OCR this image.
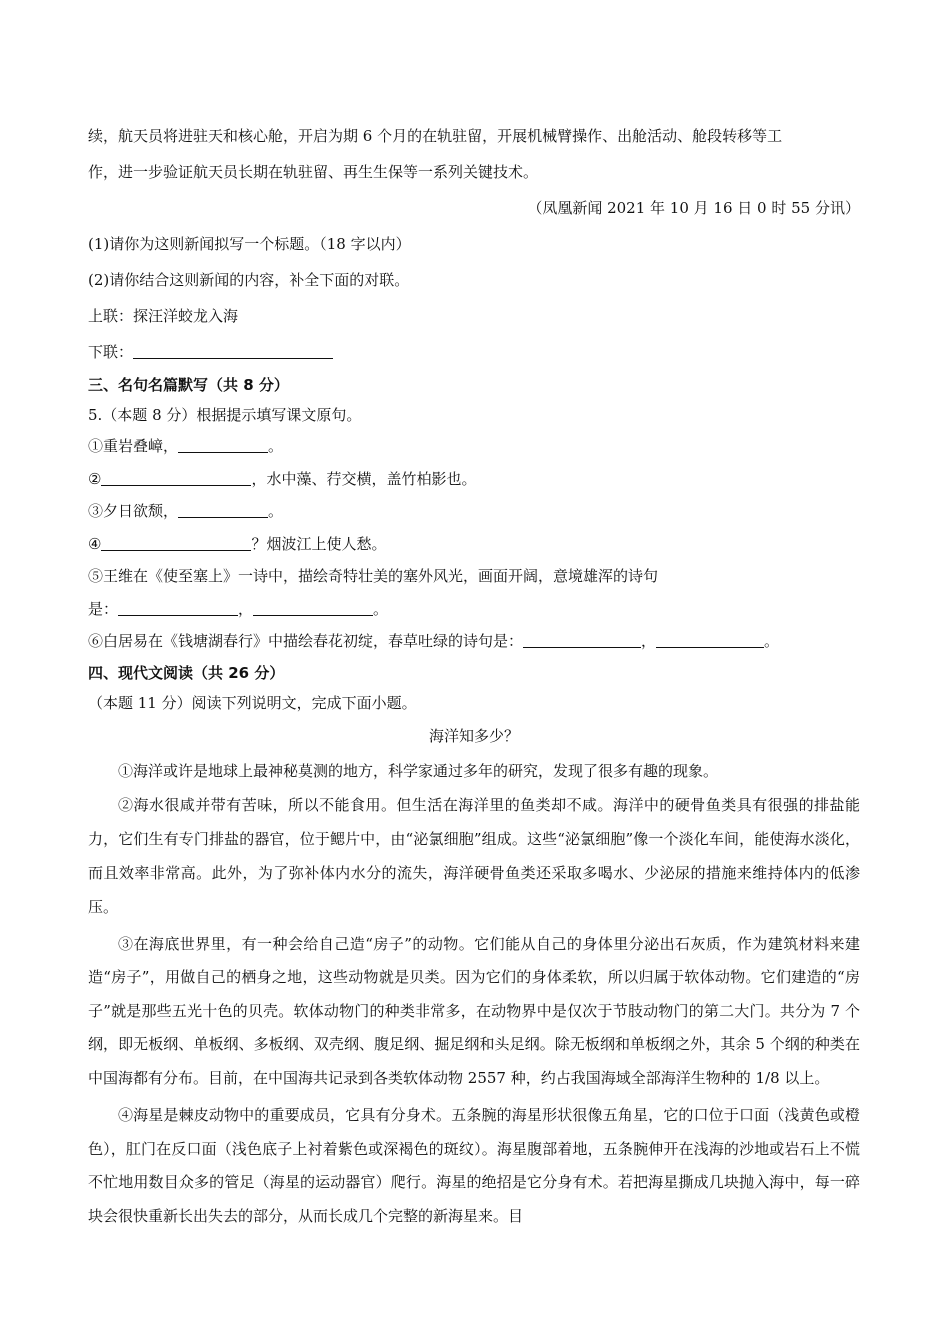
续，航天员将进驻天和核心舱，开启为期 6 个月的在轨驻留，开展机械臂操作、出舱活动、舱段转移等工
作，进一步验证航天员长期在轨驻留、再生生保等一系列关键技术。
（凤凰新闻 2021 年 10 月 16 日 0 时 55 分讯）
(1)请你为这则新闻拟写一个标题。（18 字以内）
(2)请你结合这则新闻的内容，补全下面的对联。
上联：探汪洋蛟龙入海
下联：
三、名句名篇默写（共 8 分）
5.（本题 8 分）根据提示填写课文原句。
①重岩叠嶂，	。
②	，水中藻、荇交横，盖竹柏影也。
③夕日欲颓，	。
④	？烟波江上使人愁。
⑤王维在《使至塞上》一诗中，描绘奇特壮美的塞外风光，画面开阔，意境雄浑的诗句
是：	，	。
⑥白居易在《钱塘湖春行》中描绘春花初绽，春草吐绿的诗句是：	，	。
四、现代文阅读（共 26 分）
（本题 11 分）阅读下列说明文，完成下面小题。
海洋知多少？
①海洋或许是地球上最神秘莫测的地方，科学家通过多年的研究，发现了很多有趣的现象。
②海水很咸并带有苦味，所以不能食用。但生活在海洋里的鱼类却不咸。海洋中的硬骨鱼类具有很强的排盐能力，它们生有专门排盐的器官，位于鳃片中，由“泌氯细胞”组成。这些“泌氯细胞”像一个淡化车间，能使海水淡化，而且效率非常高。此外，为了弥补体内水分的流失，海洋硬骨鱼类还采取多喝水、少泌尿的措施来维持体内的低渗压。
③在海底世界里，有一种会给自己造“房子”的动物。它们能从自己的身体里分泌出石灰质，作为建筑材料来建造“房子”，用做自己的栖身之地，这些动物就是贝类。因为它们的身体柔软，所以归属于软体动物。它们建造的“房子”就是那些五光十色的贝壳。软体动物门的种类非常多，在动物界中是仅次于节肢动物门的第二大门。共分为 7 个纲，即无板纲、单板纲、多板纲、双壳纲、腹足纲、掘足纲和头足纲。除无板纲和单板纲之外，其余 5 个纲的种类在中国海都有分布。目前，在中国海共记录到各类软体动物 2557 种，约占我国海域全部海洋生物种的 1/8 以上。
④海星是棘皮动物中的重要成员，它具有分身术。五条腕的海星形状很像五角星，它的口位于口面（浅黄色或橙色），肛门在反口面（浅色底子上衬着紫色或深褐色的斑纹）。海星腹部着地，五条腕伸开在浅海的沙地或岩石上不慌不忙地用数目众多的管足（海星的运动器官）爬行。海星的绝招是它分身有术。若把海星撕成几块抛入海中，每一碎块会很快重新长出失去的部分，从而长成几个完整的新海星来。目
